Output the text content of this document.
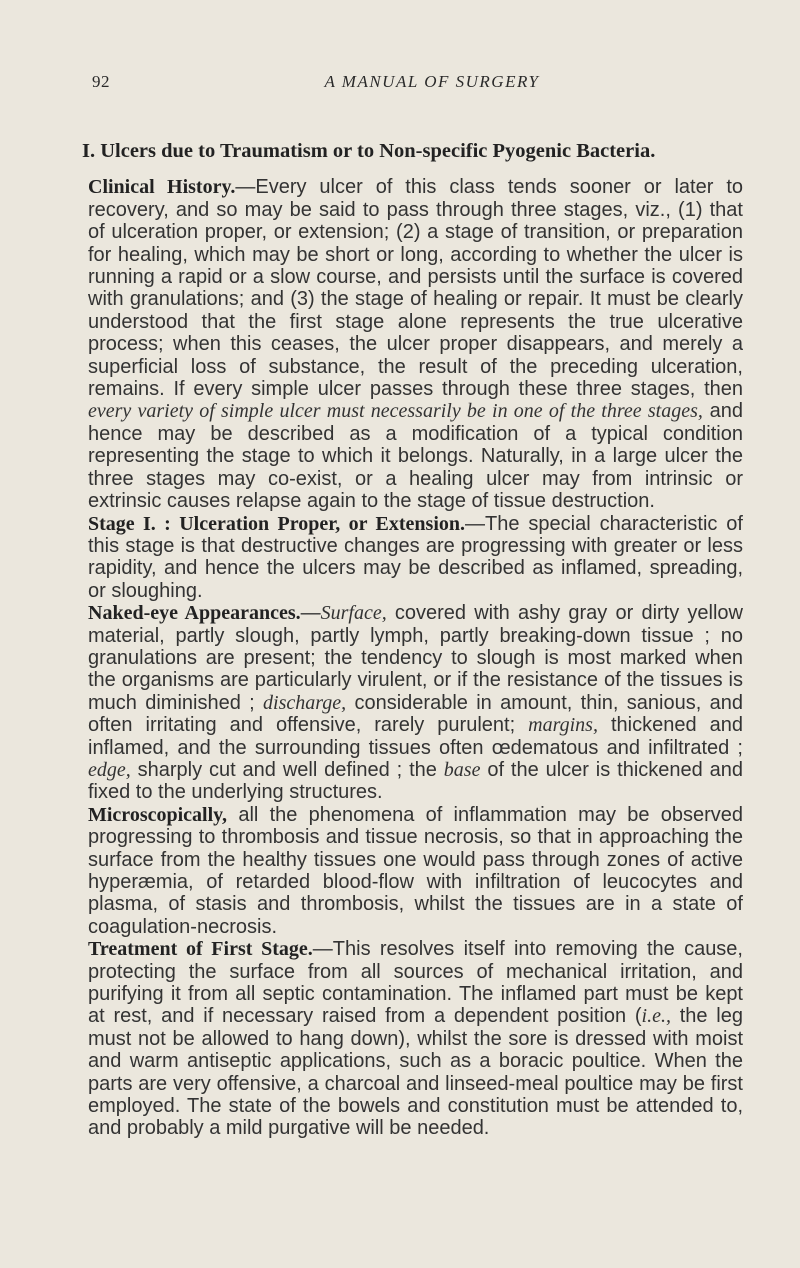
92	A MANUAL OF SURGERY
I. Ulcers due to Traumatism or to Non-specific Pyogenic Bacteria.

Clinical History.—Every ulcer of this class tends sooner or later to recovery, and so may be said to pass through three stages, viz., (1) that of ulceration proper, or extension; (2) a stage of transition, or preparation for healing, which may be short or long, according to whether the ulcer is running a rapid or a slow course, and persists until the surface is covered with granulations; and (3) the stage of healing or repair. It must be clearly understood that the first stage alone represents the true ulcerative process; when this ceases, the ulcer proper disappears, and merely a superficial loss of substance, the result of the preceding ulceration, remains. If every simple ulcer passes through these three stages, then every variety of simple ulcer must necessarily be in one of the three stages, and hence may be described as a modification of a typical condition representing the stage to which it belongs. Naturally, in a large ulcer the three stages may co-exist, or a healing ulcer may from intrinsic or extrinsic causes relapse again to the stage of tissue destruction.

Stage I. : Ulceration Proper, or Extension.—The special characteristic of this stage is that destructive changes are progressing with greater or less rapidity, and hence the ulcers may be described as inflamed, spreading, or sloughing.

Naked-eye Appearances.—Surface, covered with ashy gray or dirty yellow material, partly slough, partly lymph, partly breaking-down tissue ; no granulations are present; the tendency to slough is most marked when the organisms are particularly virulent, or if the resistance of the tissues is much diminished ; discharge, considerable in amount, thin, sanious, and often irritating and offensive, rarely purulent; margins, thickened and inflamed, and the surrounding tissues often œdematous and infiltrated ; edge, sharply cut and well defined ; the base of the ulcer is thickened and fixed to the underlying structures.

Microscopically, all the phenomena of inflammation may be observed progressing to thrombosis and tissue necrosis, so that in approaching the surface from the healthy tissues one would pass through zones of active hyperæmia, of retarded blood-flow with infiltration of leucocytes and plasma, of stasis and thrombosis, whilst the tissues are in a state of coagulation-necrosis.

Treatment of First Stage.—This resolves itself into removing the cause, protecting the surface from all sources of mechanical irritation, and purifying it from all septic contamination. The inflamed part must be kept at rest, and if necessary raised from a dependent position (i.e., the leg must not be allowed to hang down), whilst the sore is dressed with moist and warm antiseptic applications, such as a boracic poultice. When the parts are very offensive, a charcoal and linseed-meal poultice may be first employed. The state of the bowels and constitution must be attended to, and probably a mild purgative will be needed.
